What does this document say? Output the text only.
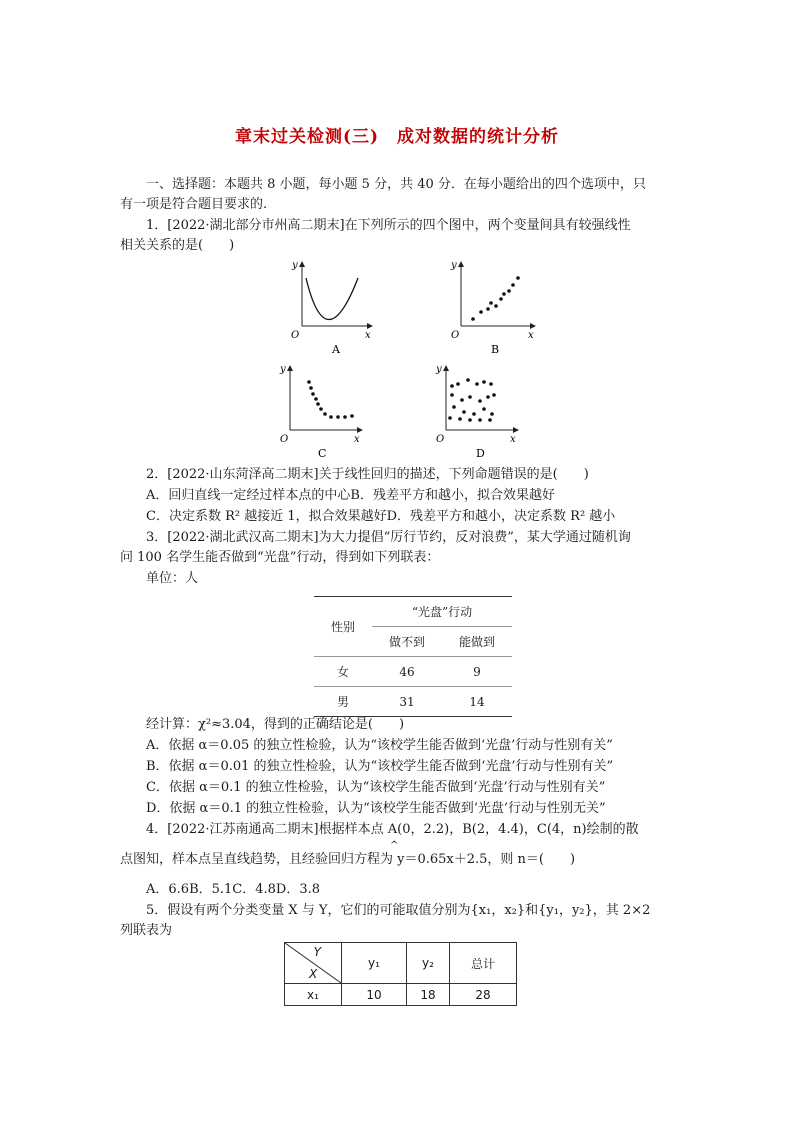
章末过关检测(三)　成对数据的统计分析
一、选择题：本题共 8 小题，每小题 5 分，共 40 分．在每小题给出的四个选项中，只
有一项是符合题目要求的.
1．[2022·湖北部分市州高二期末]在下列所示的四个图中，两个变量间具有较强线性
相关关系的是(　　)
y
x
O
A
y
x
O
B
y
x
O
C
y
x
O
D
2．[2022·山东菏泽高二期末]关于线性回归的描述，下列命题错误的是(　　)
A．回归直线一定经过样本点的中心B．残差平方和越小，拟合效果越好
C．决定系数 R² 越接近 1，拟合效果越好D．残差平方和越小，决定系数 R² 越小
3．[2022·湖北武汉高二期末]为大力提倡“厉行节约，反对浪费”，某大学通过随机询
问 100 名学生能否做到“光盘”行动，得到如下列联表：
单位：人
性别	“光盘”行动	
	做不到	能做到
女	46	9
男	31	14
经计算：χ²≈3.04，得到的正确结论是(　　)
A．依据 α＝0.05 的独立性检验，认为“该校学生能否做到‘光盘’行动与性别有关”
B．依据 α＝0.01 的独立性检验，认为“该校学生能否做到‘光盘’行动与性别有关”
C．依据 α＝0.1 的独立性检验，认为“该校学生能否做到‘光盘’行动与性别有关”
D．依据 α＝0.1 的独立性检验，认为“该校学生能否做到‘光盘’行动与性别无关”
4．[2022·江苏南通高二期末]根据样本点 A(0，2.2)，B(2，4.4)，C(4，n)绘制的散
^
点图知，样本点呈直线趋势，且经验回归方程为 y＝0.65x＋2.5，则 n＝(　　)
A．6.6B．5.1C．4.8D．3.8
5．假设有两个分类变量 X 与 Y，它们的可能取值分别为{x₁，x₂}和{y₁，y₂}，其 2×2
列联表为
Y
X	y₁	y₂	总计
x₁	10	18	28
